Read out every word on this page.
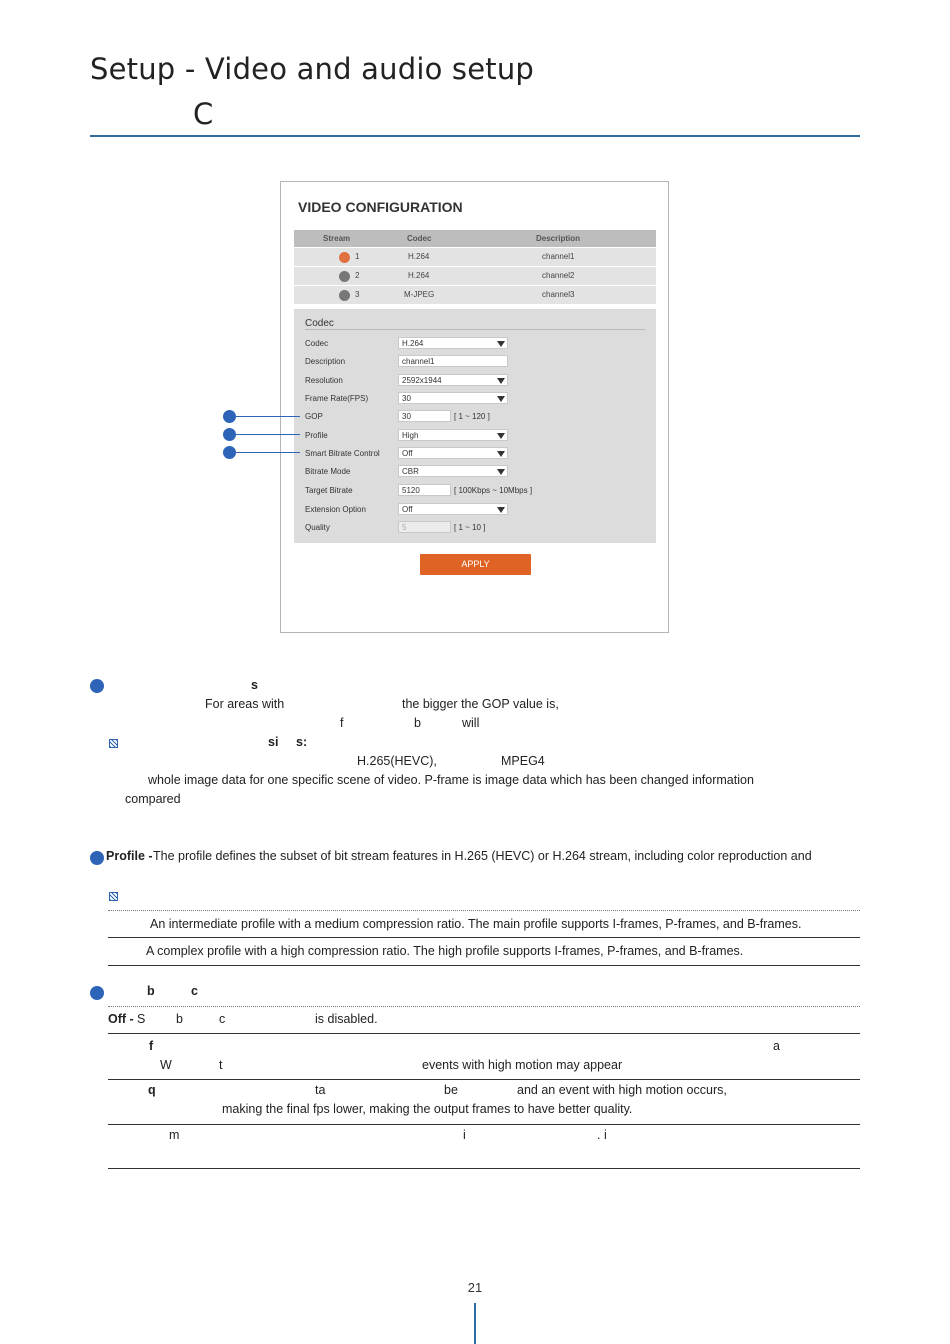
Setup - Video and audio setup
C
VIDEO CONFIGURATION
Stream	Codec	Description
1	H.264	channel1
2	H.264	channel2
3	M-JPEG	channel3
Codec
Codec	H.264
Description	channel1
Resolution	2592x1944
Frame Rate(FPS)	30
GOP	30	[ 1 ~ 120 ]
Profile	High
Smart Bitrate Control	Off
Bitrate Mode	CBR
Target Bitrate	5120	[ 100Kbps ~ 10Mbps ]
Extension Option	Off
Quality	5	[ 1 ~ 10 ]
APPLY
s
For areas with	the bigger the GOP value is,
f	b	will
si s:
H.265(HEVC),	MPEG4
whole image data for one specific scene of video. P-frame is image data which has been changed information
compared
Profile - The profile defines the subset of bit stream features in H.265 (HEVC) or H.264 stream, including color reproduction and
An intermediate profile with a medium compression ratio. The main profile supports I-frames, P-frames, and B-frames.
A complex profile with a high compression ratio. The high profile supports I-frames, P-frames, and B-frames.
b	c
Off - S b	c	is disabled.
f	a
W	t	events with high motion may appear
q	ta	be	and an event with high motion occurs,
making the final fps lower, making the output frames to have better quality.
m	i	. i
21
